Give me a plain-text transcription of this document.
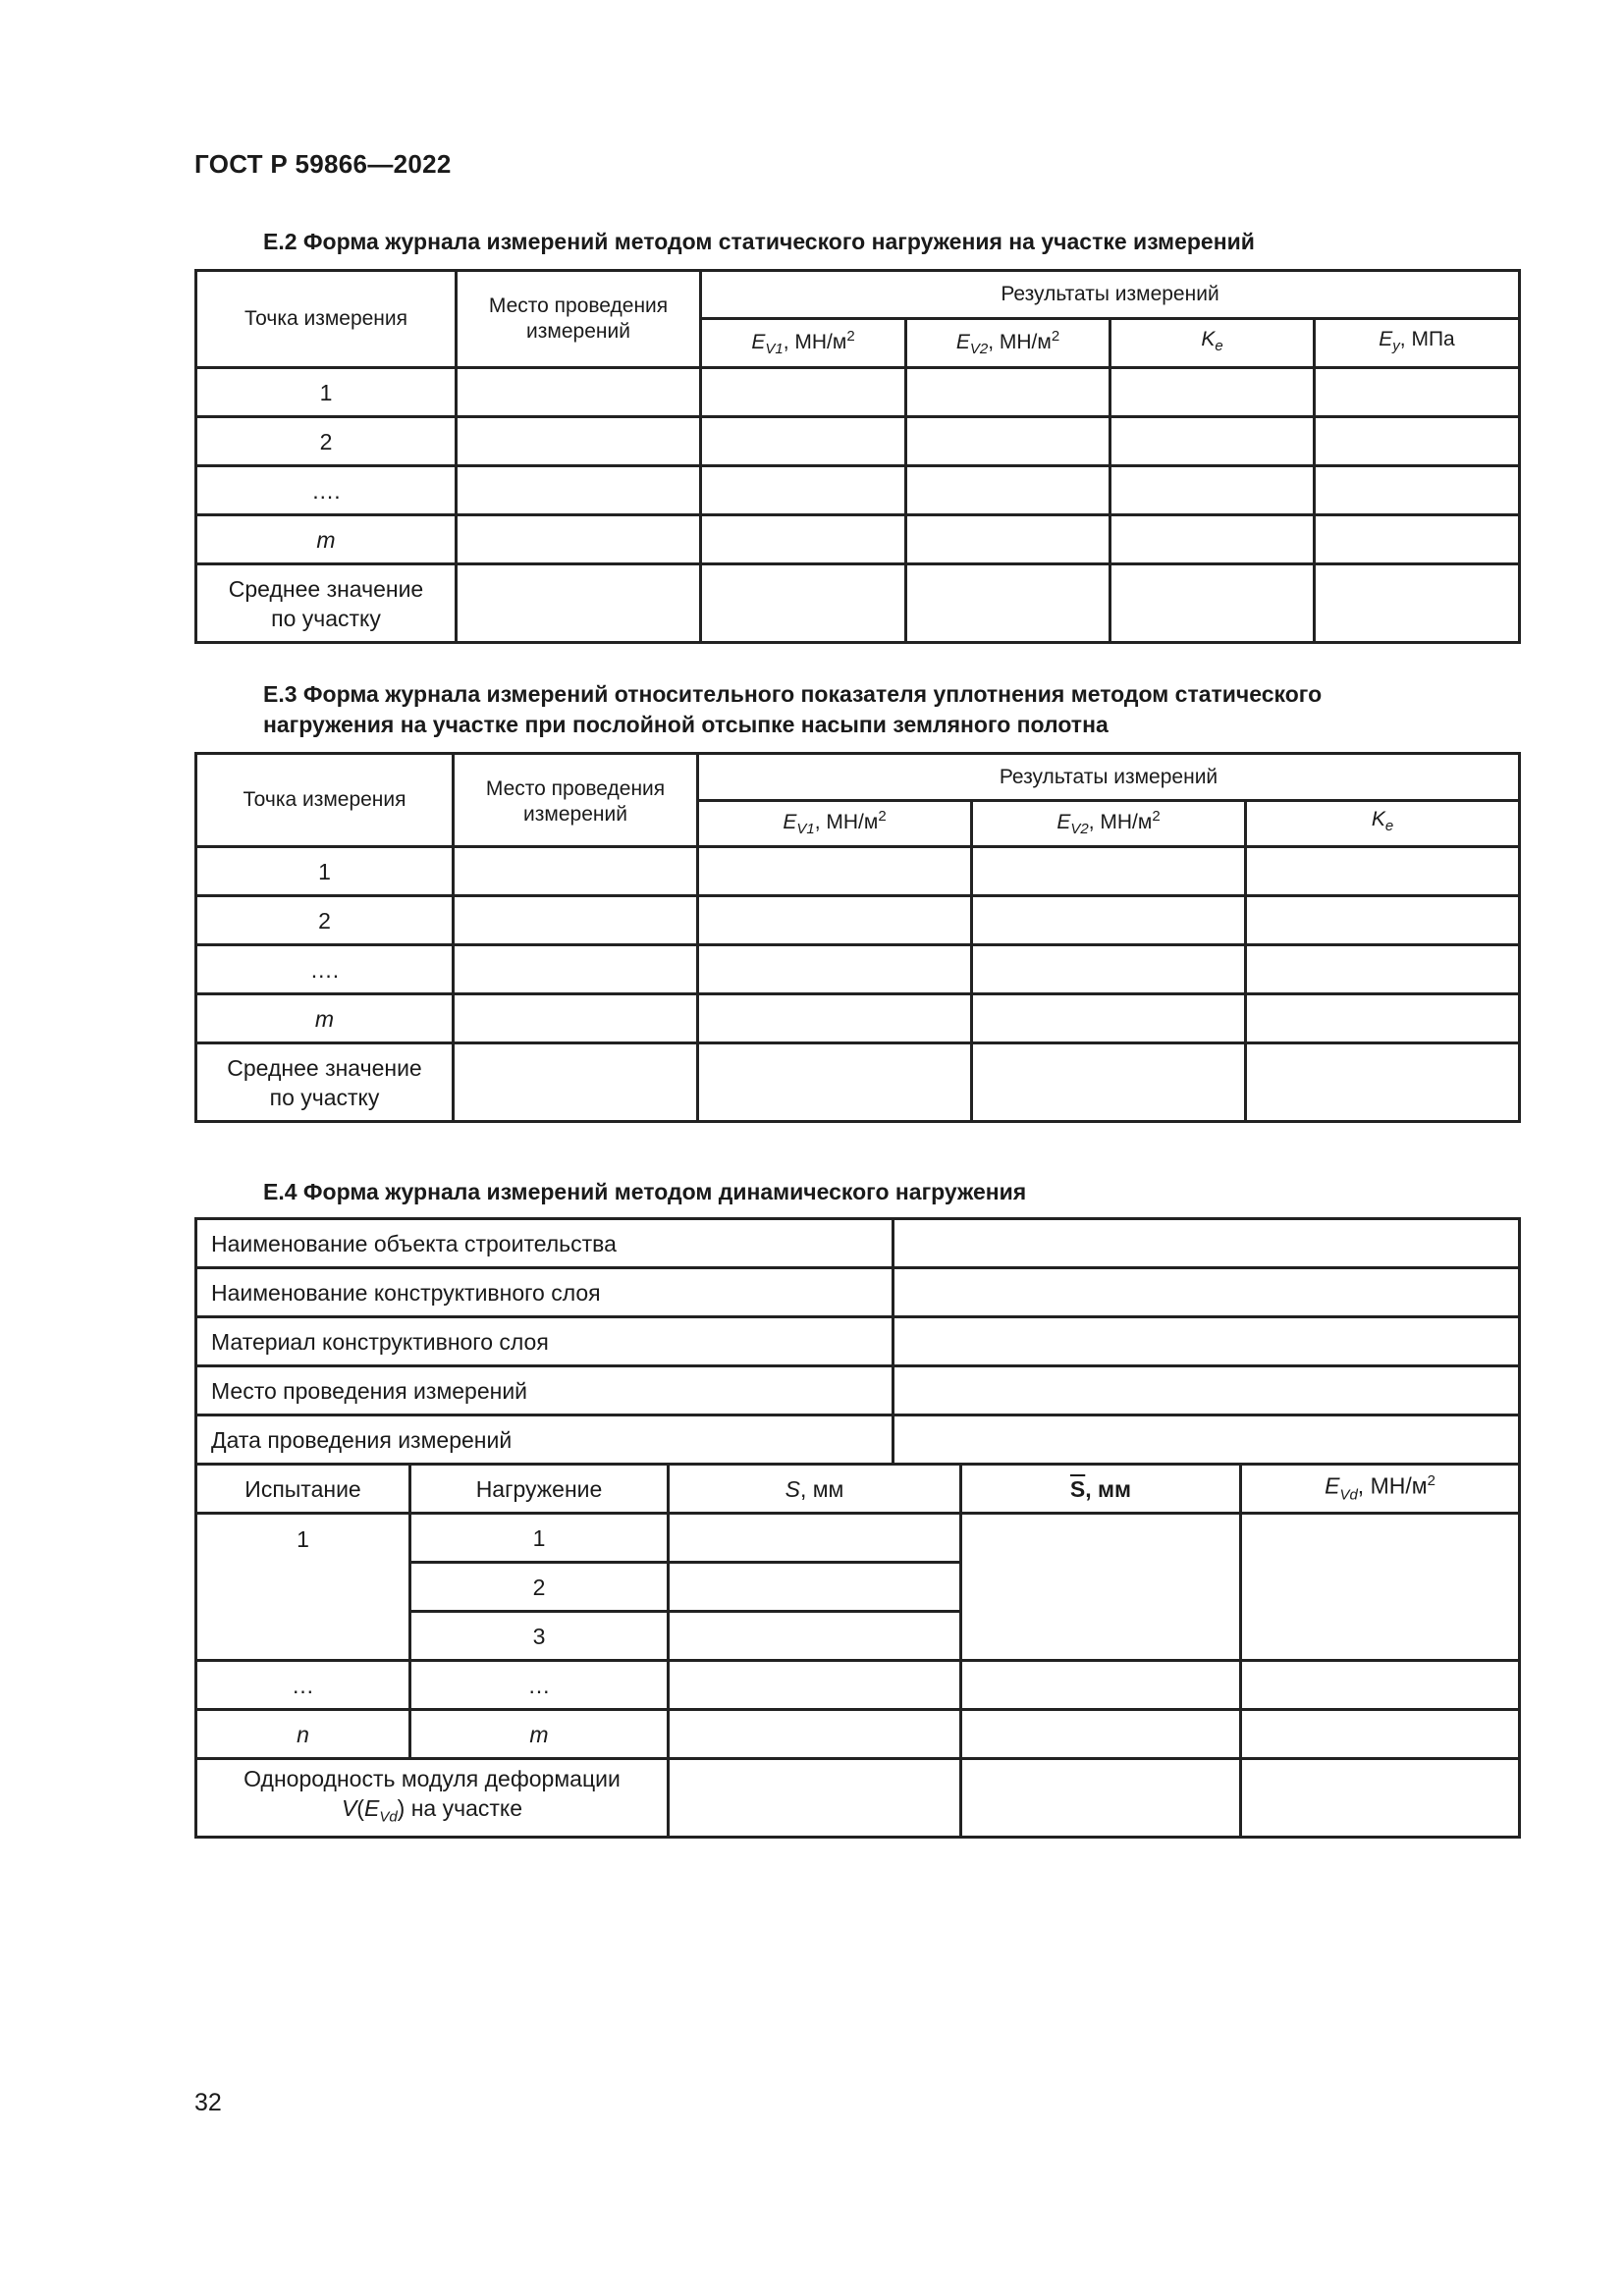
ГОСТ Р 59866—2022
Е.2 Форма журнала измерений методом статического нагружения на участке измерений
Точка измерения	Место проведения измерений	Результаты измерений			
		$E_{V1}$, $МН/м^2$	$E_{V2}$, $МН/м^2$	$K_e$	$E_y$, МПа
1					
2					
….					
m					

Среднее значение
по участку					

Е.3 Форма журнала измерений относительного показателя уплотнения методом статического
нагружения на участке при послойной отсыпке насыпи земляного полотна
Точка измерения	Место проведения измерений	Результаты измерений		
		$E_{V1}$, $МН/м^2$	$E_{V2}$, $МН/м^2$	$K_e$
1				
2				
….				
m				

Среднее значение
по участку				

Е.4 Форма журнала измерений методом динамического нагружения
Наименование объекта строительства	
Наименование конструктивного слоя	
Материал конструктивного слоя	
Место проведения измерений	
Дата проведения измерений	
Испытание	Нагружение	S, мм	$\overline{S}$, мм	$E_{Vd}$, $МН/м^2$
1	1			
	2			
	3			
…	…			
n	m			

Однородность модуля деформации
$V(E_{Vd})$ на участке				

32
